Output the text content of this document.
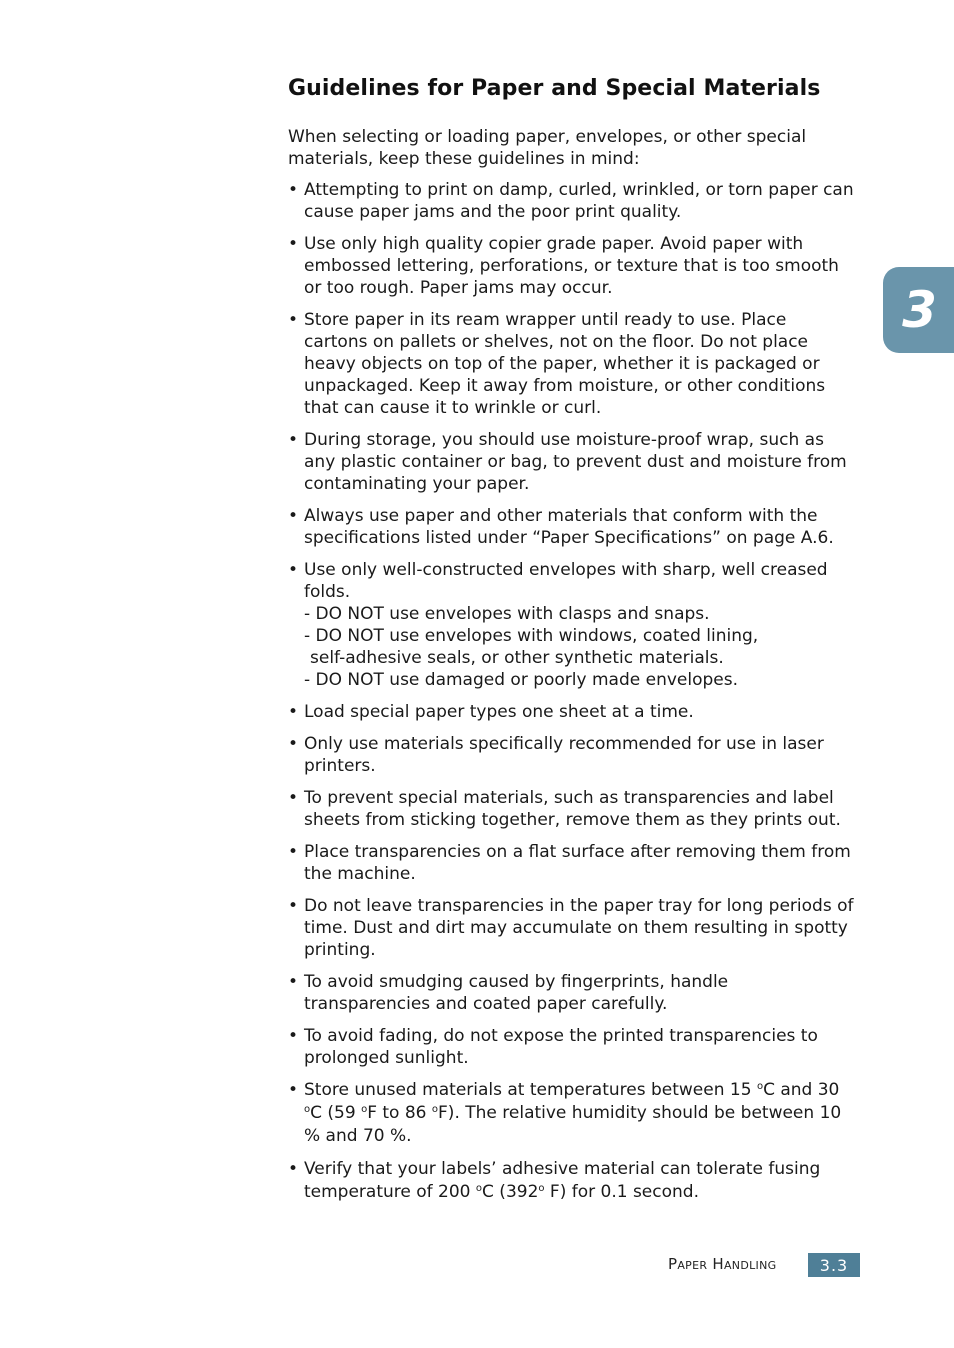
Guidelines for Paper and Special Materials

When selecting or loading paper, envelopes, or other special materials, keep these guidelines in mind:

• Attempting to print on damp, curled, wrinkled, or torn paper can cause paper jams and the poor print quality.
• Use only high quality copier grade paper. Avoid paper with embossed lettering, perforations, or texture that is too smooth or too rough. Paper jams may occur.
• Store paper in its ream wrapper until ready to use. Place cartons on pallets or shelves, not on the floor. Do not place heavy objects on top of the paper, whether it is packaged or unpackaged. Keep it away from moisture, or other conditions that can cause it to wrinkle or curl.
• During storage, you should use moisture-proof wrap, such as any plastic container or bag, to prevent dust and moisture from contaminating your paper.
• Always use paper and other materials that conform with the specifications listed under “Paper Specifications” on page A.6.
• Use only well-constructed envelopes with sharp, well creased folds.
- DO NOT use envelopes with clasps and snaps.
- DO NOT use envelopes with windows, coated lining,
self-adhesive seals, or other synthetic materials.
- DO NOT use damaged or poorly made envelopes.
• Load special paper types one sheet at a time.
• Only use materials specifically recommended for use in laser printers.
• To prevent special materials, such as transparencies and label sheets from sticking together, remove them as they prints out.
• Place transparencies on a flat surface after removing them from the machine.
• Do not leave transparencies in the paper tray for long periods of time. Dust and dirt may accumulate on them resulting in spotty printing.
• To avoid smudging caused by fingerprints, handle transparencies and coated paper carefully.
• To avoid fading, do not expose the printed transparencies to prolonged sunlight.
• Store unused materials at temperatures between 15 $^o$C and 30 $^o$C (59 $^o$F to 86 $^o$F). The relative humidity should be between 10 % and 70 %.
• Verify that your labels’ adhesive material can tolerate fusing temperature of 200 $^o$C (392$^o$ F) for 0.1 second.
3
PAPER HANDLING	3.3
